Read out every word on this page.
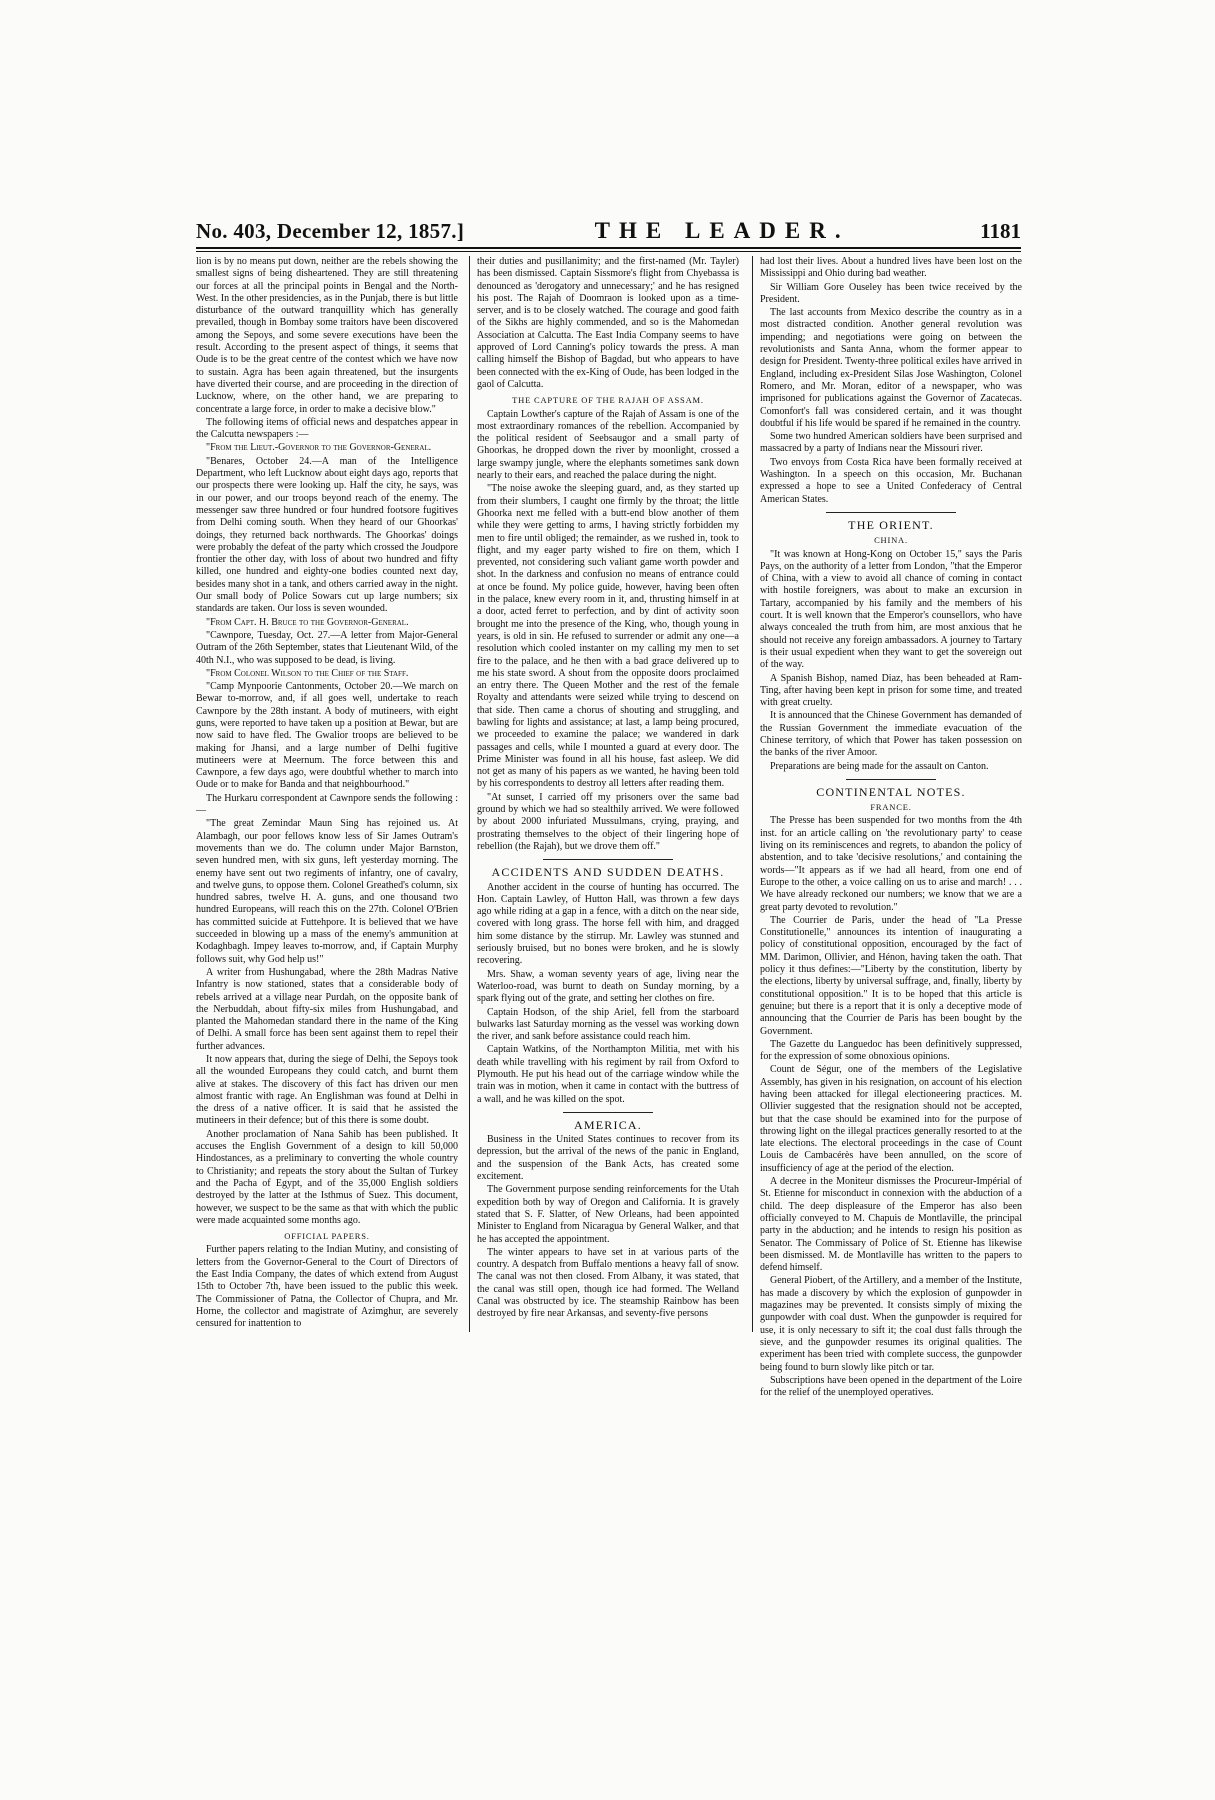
No. 403, December 12, 1857.]	THE LEADER.	1181

lion is by no means put down, neither are the rebels showing the smallest signs of being disheartened. They are still threatening our forces at all the principal points in Bengal and the North-West. In the other presidencies, as in the Punjab, there is but little disturbance of the outward tranquillity which has generally prevailed, though in Bombay some traitors have been discovered among the Sepoys, and some severe executions have been the result. According to the present aspect of things, it seems that Oude is to be the great centre of the contest which we have now to sustain. Agra has been again threatened, but the insurgents have diverted their course, and are proceeding in the direction of Lucknow, where, on the other hand, we are preparing to concentrate a large force, in order to make a decisive blow."

The following items of official news and despatches appear in the Calcutta newspapers :—

"From the Lieut.-Governor to the Governor-General.

"Benares, October 24.—A man of the Intelligence Department, who left Lucknow about eight days ago, reports that our prospects there were looking up. Half the city, he says, was in our power, and our troops beyond reach of the enemy. The messenger saw three hundred or four hundred footsore fugitives from Delhi coming south. When they heard of our Ghoorkas' doings, they returned back northwards. The Ghoorkas' doings were probably the defeat of the party which crossed the Joudpore frontier the other day, with loss of about two hundred and fifty killed, one hundred and eighty-one bodies counted next day, besides many shot in a tank, and others carried away in the night. Our small body of Police Sowars cut up large numbers; six standards are taken. Our loss is seven wounded.

"From Capt. H. Bruce to the Governor-General.

"Cawnpore, Tuesday, Oct. 27.—A letter from Major-General Outram of the 26th September, states that Lieutenant Wild, of the 40th N.I., who was supposed to be dead, is living.

"From Colonel Wilson to the Chief of the Staff.

"Camp Mynpoorie Cantonments, October 20.—We march on Bewar to-morrow, and, if all goes well, undertake to reach Cawnpore by the 28th instant. A body of mutineers, with eight guns, were reported to have taken up a position at Bewar, but are now said to have fled. The Gwalior troops are believed to be making for Jhansi, and a large number of Delhi fugitive mutineers were at Meernum. The force between this and Cawnpore, a few days ago, were doubtful whether to march into Oude or to make for Banda and that neighbourhood."

The Hurkaru correspondent at Cawnpore sends the following :—

"The great Zemindar Maun Sing has rejoined us. At Alambagh, our poor fellows know less of Sir James Outram's movements than we do. The column under Major Barnston, seven hundred men, with six guns, left yesterday morning. The enemy have sent out two regiments of infantry, one of cavalry, and twelve guns, to oppose them. Colonel Greathed's column, six hundred sabres, twelve H. A. guns, and one thousand two hundred Europeans, will reach this on the 27th. Colonel O'Brien has committed suicide at Futtehpore. It is believed that we have succeeded in blowing up a mass of the enemy's ammunition at Kodaghbagh. Impey leaves to-morrow, and, if Captain Murphy follows suit, why God help us!"

A writer from Hushungabad, where the 28th Madras Native Infantry is now stationed, states that a considerable body of rebels arrived at a village near Purdah, on the opposite bank of the Nerbuddah, about fifty-six miles from Hushungabad, and planted the Mahomedan standard there in the name of the King of Delhi. A small force has been sent against them to repel their further advances.

It now appears that, during the siege of Delhi, the Sepoys took all the wounded Europeans they could catch, and burnt them alive at stakes. The discovery of this fact has driven our men almost frantic with rage. An Englishman was found at Delhi in the dress of a native officer. It is said that he assisted the mutineers in their defence; but of this there is some doubt.

Another proclamation of Nana Sahib has been published. It accuses the English Government of a design to kill 50,000 Hindostances, as a preliminary to converting the whole country to Christianity; and repeats the story about the Sultan of Turkey and the Pacha of Egypt, and of the 35,000 English soldiers destroyed by the latter at the Isthmus of Suez. This document, however, we suspect to be the same as that with which the public were made acquainted some months ago.

OFFICIAL PAPERS.

Further papers relating to the Indian Mutiny, and consisting of letters from the Governor-General to the Court of Directors of the East India Company, the dates of which extend from August 15th to October 7th, have been issued to the public this week. The Commissioner of Patna, the Collector of Chupra, and Mr. Horne, the collector and magistrate of Azimghur, are severely censured for inattention to

their duties and pusillanimity; and the first-named (Mr. Tayler) has been dismissed. Captain Sissmore's flight from Chyebassa is denounced as 'derogatory and unnecessary;' and he has resigned his post. The Rajah of Doomraon is looked upon as a time-server, and is to be closely watched. The courage and good faith of the Sikhs are highly commended, and so is the Mahomedan Association at Calcutta. The East India Company seems to have approved of Lord Canning's policy towards the press. A man calling himself the Bishop of Bagdad, but who appears to have been connected with the ex-King of Oude, has been lodged in the gaol of Calcutta.

THE CAPTURE OF THE RAJAH OF ASSAM.

Captain Lowther's capture of the Rajah of Assam is one of the most extraordinary romances of the rebellion. Accompanied by the political resident of Seebsaugor and a small party of Ghoorkas, he dropped down the river by moonlight, crossed a large swampy jungle, where the elephants sometimes sank down nearly to their ears, and reached the palace during the night.

"The noise awoke the sleeping guard, and, as they started up from their slumbers, I caught one firmly by the throat; the little Ghoorka next me felled with a butt-end blow another of them while they were getting to arms, I having strictly forbidden my men to fire until obliged; the remainder, as we rushed in, took to flight, and my eager party wished to fire on them, which I prevented, not considering such valiant game worth powder and shot. In the darkness and confusion no means of entrance could at once be found. My police guide, however, having been often in the palace, knew every room in it, and, thrusting himself in at a door, acted ferret to perfection, and by dint of activity soon brought me into the presence of the King, who, though young in years, is old in sin. He refused to surrender or admit any one—a resolution which cooled instanter on my calling my men to set fire to the palace, and he then with a bad grace delivered up to me his state sword. A shout from the opposite doors proclaimed an entry there. The Queen Mother and the rest of the female Royalty and attendants were seized while trying to descend on that side. Then came a chorus of shouting and struggling, and bawling for lights and assistance; at last, a lamp being procured, we proceeded to examine the palace; we wandered in dark passages and cells, while I mounted a guard at every door. The Prime Minister was found in all his house, fast asleep. We did not get as many of his papers as we wanted, he having been told by his correspondents to destroy all letters after reading them.

"At sunset, I carried off my prisoners over the same bad ground by which we had so stealthily arrived. We were followed by about 2000 infuriated Mussulmans, crying, praying, and prostrating themselves to the object of their lingering hope of rebellion (the Rajah), but we drove them off."

ACCIDENTS AND SUDDEN DEATHS.

Another accident in the course of hunting has occurred. The Hon. Captain Lawley, of Hutton Hall, was thrown a few days ago while riding at a gap in a fence, with a ditch on the near side, covered with long grass. The horse fell with him, and dragged him some distance by the stirrup. Mr. Lawley was stunned and seriously bruised, but no bones were broken, and he is slowly recovering.

Mrs. Shaw, a woman seventy years of age, living near the Waterloo-road, was burnt to death on Sunday morning, by a spark flying out of the grate, and setting her clothes on fire.

Captain Hodson, of the ship Ariel, fell from the starboard bulwarks last Saturday morning as the vessel was working down the river, and sank before assistance could reach him.

Captain Watkins, of the Northampton Militia, met with his death while travelling with his regiment by rail from Oxford to Plymouth. He put his head out of the carriage window while the train was in motion, when it came in contact with the buttress of a wall, and he was killed on the spot.

AMERICA.

Business in the United States continues to recover from its depression, but the arrival of the news of the panic in England, and the suspension of the Bank Acts, has created some excitement.

The Government purpose sending reinforcements for the Utah expedition both by way of Oregon and California. It is gravely stated that S. F. Slatter, of New Orleans, had been appointed Minister to England from Nicaragua by General Walker, and that he has accepted the appointment.

The winter appears to have set in at various parts of the country. A despatch from Buffalo mentions a heavy fall of snow. The canal was not then closed. From Albany, it was stated, that the canal was still open, though ice had formed. The Welland Canal was obstructed by ice. The steamship Rainbow has been destroyed by fire near Arkansas, and seventy-five persons

had lost their lives. About a hundred lives have been lost on the Mississippi and Ohio during bad weather.

Sir William Gore Ouseley has been twice received by the President.

The last accounts from Mexico describe the country as in a most distracted condition. Another general revolution was impending; and negotiations were going on between the revolutionists and Santa Anna, whom the former appear to design for President. Twenty-three political exiles have arrived in England, including ex-President Silas Jose Washington, Colonel Romero, and Mr. Moran, editor of a newspaper, who was imprisoned for publications against the Governor of Zacatecas. Comonfort's fall was considered certain, and it was thought doubtful if his life would be spared if he remained in the country.

Some two hundred American soldiers have been surprised and massacred by a party of Indians near the Missouri river.

Two envoys from Costa Rica have been formally received at Washington. In a speech on this occasion, Mr. Buchanan expressed a hope to see a United Confederacy of Central American States.

THE ORIENT.
CHINA.

"It was known at Hong-Kong on October 15," says the Paris Pays, on the authority of a letter from London, "that the Emperor of China, with a view to avoid all chance of coming in contact with hostile foreigners, was about to make an excursion in Tartary, accompanied by his family and the members of his court. It is well known that the Emperor's counsellors, who have always concealed the truth from him, are most anxious that he should not receive any foreign ambassadors. A journey to Tartary is their usual expedient when they want to get the sovereign out of the way.

A Spanish Bishop, named Diaz, has been beheaded at Ram-Ting, after having been kept in prison for some time, and treated with great cruelty.

It is announced that the Chinese Government has demanded of the Russian Government the immediate evacuation of the Chinese territory, of which that Power has taken possession on the banks of the river Amoor.

Preparations are being made for the assault on Canton.

CONTINENTAL NOTES.
FRANCE.

The Presse has been suspended for two months from the 4th inst. for an article calling on 'the revolutionary party' to cease living on its reminiscences and regrets, to abandon the policy of abstention, and to take 'decisive resolutions,' and containing the words—"It appears as if we had all heard, from one end of Europe to the other, a voice calling on us to arise and march! . . . We have already reckoned our numbers; we know that we are a great party devoted to revolution."

The Courrier de Paris, under the head of "La Presse Constitutionelle," announces its intention of inaugurating a policy of constitutional opposition, encouraged by the fact of MM. Darimon, Ollivier, and Hénon, having taken the oath. That policy it thus defines:—"Liberty by the constitution, liberty by the elections, liberty by universal suffrage, and, finally, liberty by constitutional opposition." It is to be hoped that this article is genuine; but there is a report that it is only a deceptive mode of announcing that the Courrier de Paris has been bought by the Government.

The Gazette du Languedoc has been definitively suppressed, for the expression of some obnoxious opinions.

Count de Ségur, one of the members of the Legislative Assembly, has given in his resignation, on account of his election having been attacked for illegal electioneering practices. M. Ollivier suggested that the resignation should not be accepted, but that the case should be examined into for the purpose of throwing light on the illegal practices generally resorted to at the late elections. The electoral proceedings in the case of Count Louis de Cambacérès have been annulled, on the score of insufficiency of age at the period of the election.

A decree in the Moniteur dismisses the Procureur-Impérial of St. Etienne for misconduct in connexion with the abduction of a child. The deep displeasure of the Emperor has also been officially conveyed to M. Chapuis de Montlaville, the principal party in the abduction; and he intends to resign his position as Senator. The Commissary of Police of St. Etienne has likewise been dismissed. M. de Montlaville has written to the papers to defend himself.

General Piobert, of the Artillery, and a member of the Institute, has made a discovery by which the explosion of gunpowder in magazines may be prevented. It consists simply of mixing the gunpowder with coal dust. When the gunpowder is required for use, it is only necessary to sift it; the coal dust falls through the sieve, and the gunpowder resumes its original qualities. The experiment has been tried with complete success, the gunpowder being found to burn slowly like pitch or tar.

Subscriptions have been opened in the department of the Loire for the relief of the unemployed operatives.
